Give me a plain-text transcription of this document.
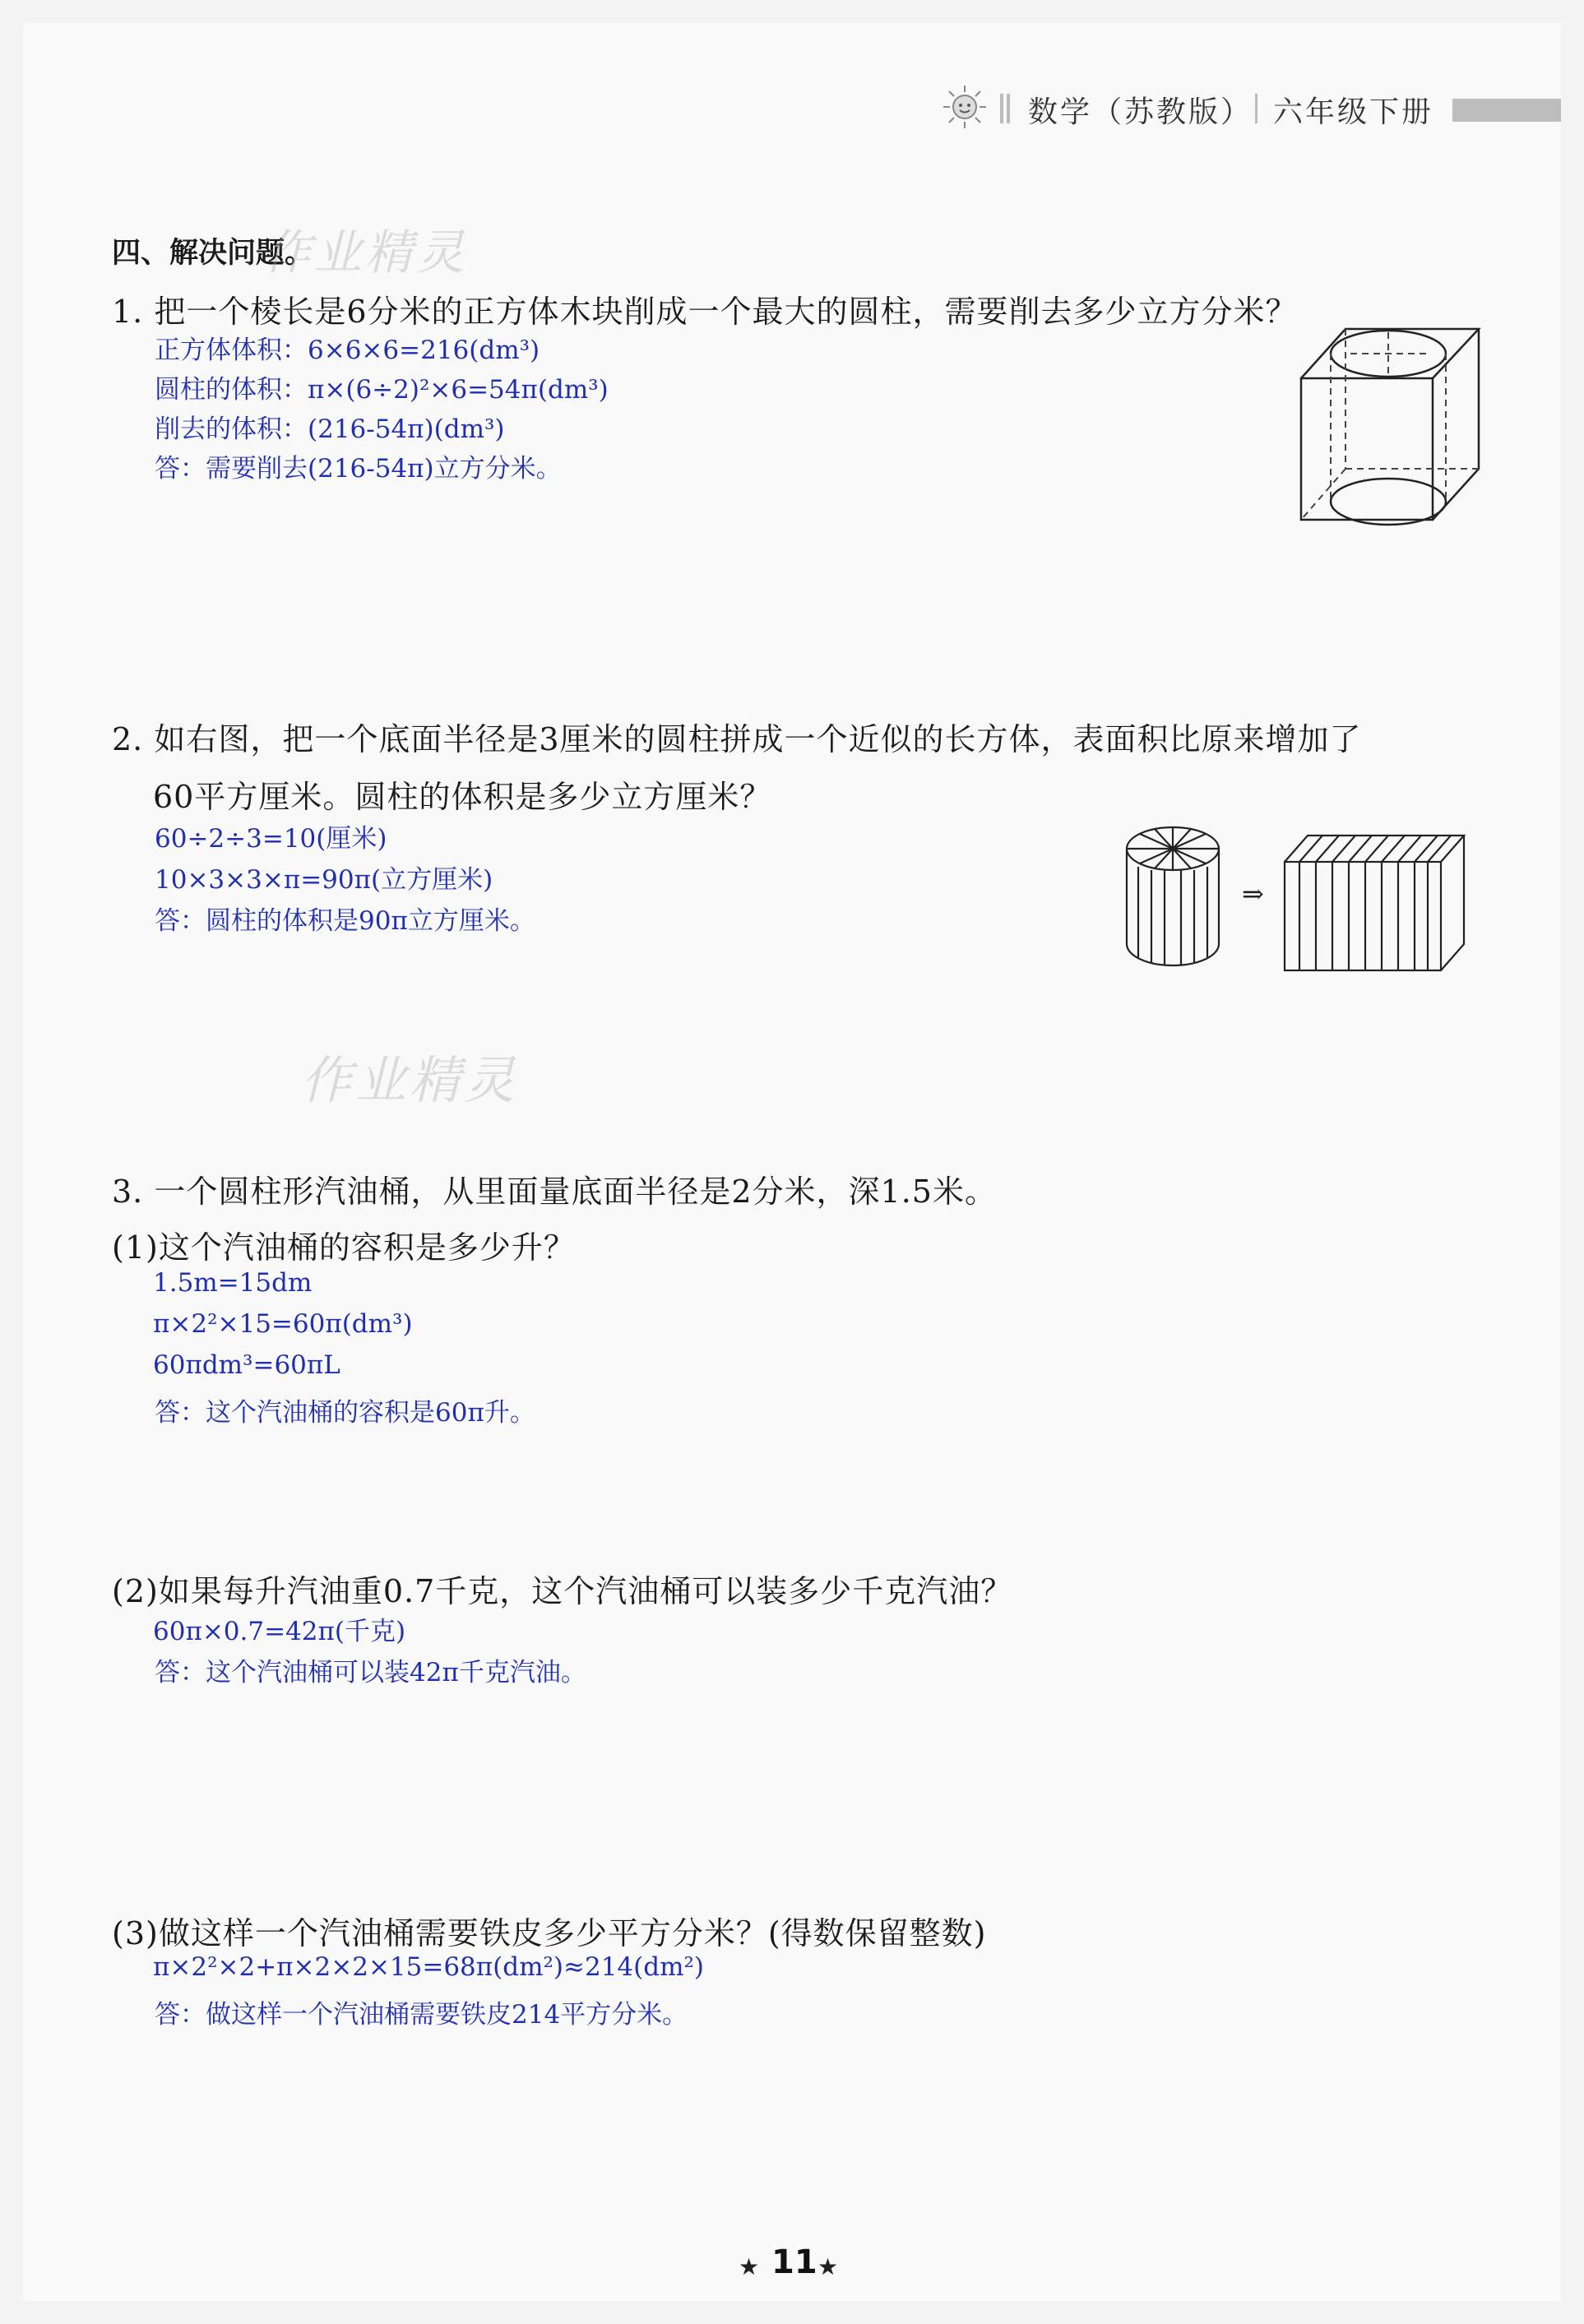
数学（苏教版） 六年级下册
四、解决问题。
作业精灵
1. 把一个棱长是6分米的正方体木块削成一个最大的圆柱，需要削去多少立方分米？
正方体体积：6×6×6=216(dm³)
圆柱的体积：π×(6÷2)²×6=54π(dm³)
削去的体积：(216-54π)(dm³)
答：需要削去(216-54π)立方分米。
2. 如右图，把一个底面半径是3厘米的圆柱拼成一个近似的长方体，表面积比原来增加了
60平方厘米。圆柱的体积是多少立方厘米？
60÷2÷3=10(厘米)
10×3×3×π=90π(立方厘米)
答：圆柱的体积是90π立方厘米。
⇒
作业精灵
3. 一个圆柱形汽油桶，从里面量底面半径是2分米，深1.5米。
(1)这个汽油桶的容积是多少升？
1.5m=15dm
π×2²×15=60π(dm³)
60πdm³=60πL
答：这个汽油桶的容积是60π升。
(2)如果每升汽油重0.7千克，这个汽油桶可以装多少千克汽油？
60π×0.7=42π(千克)
答：这个汽油桶可以装42π千克汽油。
(3)做这样一个汽油桶需要铁皮多少平方分米？(得数保留整数)
π×2²×2+π×2×2×15=68π(dm²)≈214(dm²)
答：做这样一个汽油桶需要铁皮214平方分米。
★ 11 ★
